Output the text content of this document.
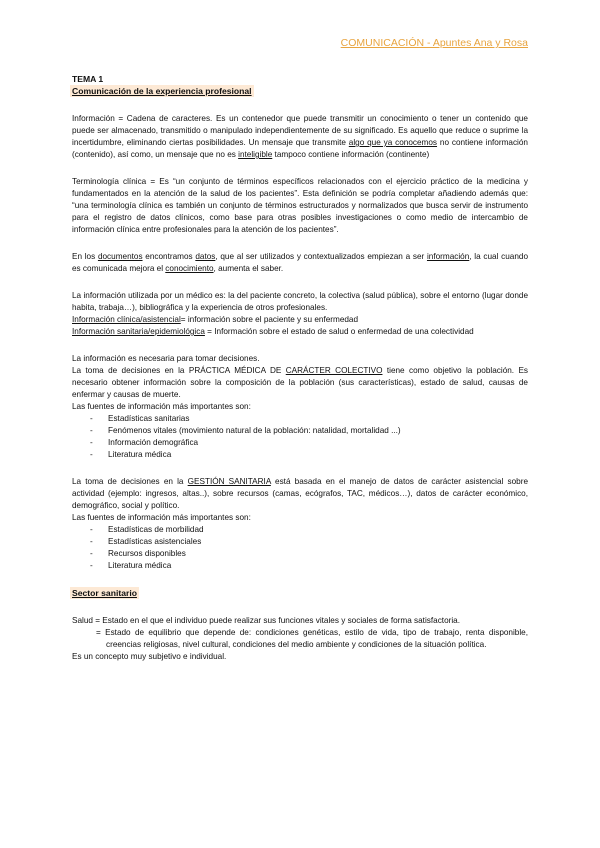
COMUNICACIÓN - Apuntes Ana y Rosa

TEMA 1

Comunicación de la experiencia profesional

Información = Cadena de caracteres. Es un contenedor que puede transmitir un conocimiento o tener un contenido que puede ser almacenado, transmitido o manipulado independientemente de su significado. Es aquello que reduce o suprime la incertidumbre, eliminando ciertas posibilidades. Un mensaje que transmite algo que ya conocemos no contiene información (contenido), así como, un mensaje que no es inteligible tampoco contiene información (continente)

Terminología clínica = Es “un conjunto de términos específicos relacionados con el ejercicio práctico de la medicina y fundamentados en la atención de la salud de los pacientes”. Esta definición se podría completar añadiendo además que: “una terminología clínica es también un conjunto de términos estructurados y normalizados que busca servir de instrumento para el registro de datos clínicos, como base para otras posibles investigaciones o como medio de intercambio de información clínica entre profesionales para la atención de los pacientes”.

En los documentos encontramos datos, que al ser utilizados y contextualizados empiezan a ser información, la cual cuando es comunicada mejora el conocimiento, aumenta el saber.

La información utilizada por un médico es: la del paciente concreto, la colectiva (salud pública), sobre el entorno (lugar donde habita, trabaja…), bibliográfica y la experiencia de otros profesionales.

Información clínica/asistencial= información sobre el paciente y su enfermedad

Información sanitaria/epidemiológica = Información sobre el estado de salud o enfermedad de una colectividad

La información es necesaria para tomar decisiones.

La toma de decisiones en la PRÁCTICA MÉDICA DE CARÁCTER COLECTIVO tiene como objetivo la población. Es necesario obtener información sobre la composición de la población (sus características), estado de salud, causas de enfermar y causas de muerte.

Las fuentes de información más importantes son:

- Estadísticas sanitarias
- Fenómenos vitales (movimiento natural de la población: natalidad, mortalidad ...)
- Información demográfica
- Literatura médica

La toma de decisiones en la GESTIÓN SANITARIA está basada en el manejo de datos de carácter asistencial sobre actividad (ejemplo: ingresos, altas..), sobre recursos (camas, ecógrafos, TAC, médicos…), datos de carácter económico, demográfico, social y político.

Las fuentes de información más importantes son:

- Estadísticas de morbilidad
- Estadísticas asistenciales
- Recursos disponibles
- Literatura médica

Sector sanitario

Salud = Estado en el que el individuo puede realizar sus funciones vitales y sociales de forma satisfactoria.

= Estado de equilibrio que depende de: condiciones genéticas, estilo de vida, tipo de trabajo, renta disponible, creencias religiosas, nivel cultural, condiciones del medio ambiente y condiciones de la situación política.

Es un concepto muy subjetivo e individual.
